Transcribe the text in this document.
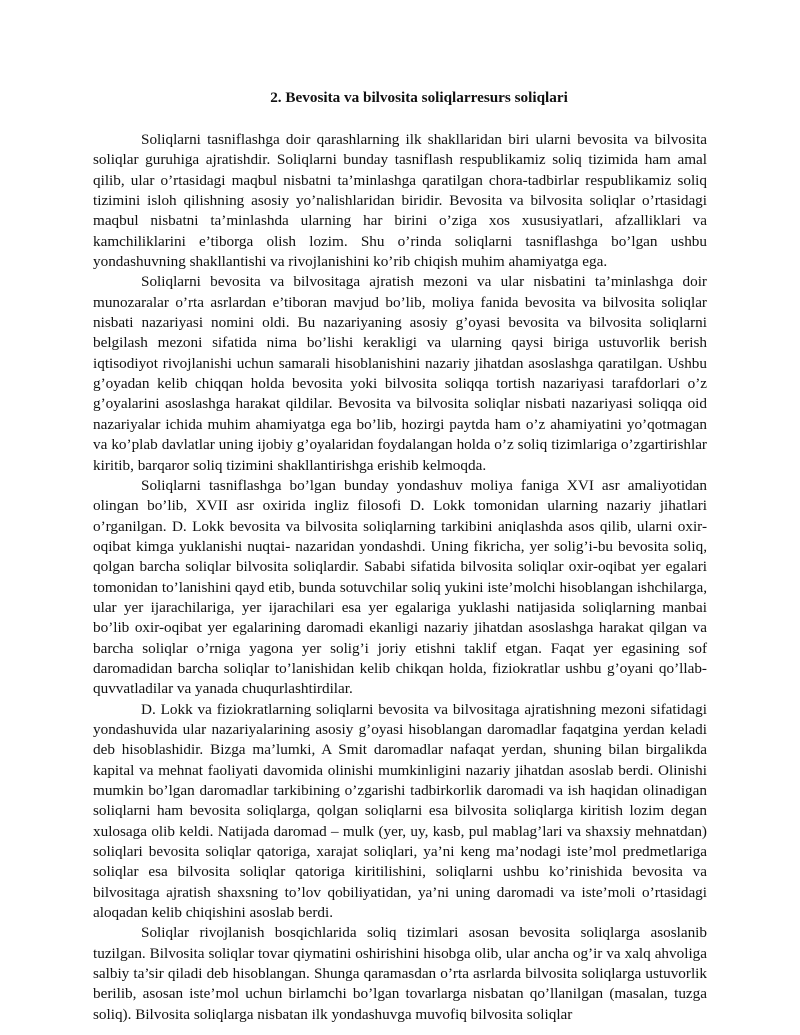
2. Bevosita va bilvosita soliqlarresurs soliqlari

Soliqlarni tasniflashga doir qarashlarning ilk shakllaridan biri ularni bevosita va bilvosita soliqlar guruhiga ajratishdir. Soliqlarni bunday tasniflash respublikamiz soliq tizimida ham amal qilib, ular o’rtasidagi maqbul nisbatni ta’minlashga qaratilgan chora-tadbirlar respublikamiz soliq tizimini isloh qilishning asosiy yo’nalishlaridan biridir. Bevosita va bilvosita soliqlar o’rtasidagi maqbul nisbatni ta’minlashda ularning har birini o’ziga xos xususiyatlari, afzalliklari va kamchiliklarini e’tiborga olish lozim. Shu o’rinda soliqlarni tasniflashga bo’lgan ushbu yondashuvning shakllantishi va rivojlanishini ko’rib chiqish muhim ahamiyatga ega.

Soliqlarni bevosita va bilvositaga ajratish mezoni va ular nisbatini ta’minlashga doir munozaralar o’rta asrlardan e’tiboran mavjud bo’lib, moliya fanida bevosita va bilvosita soliqlar nisbati nazariyasi nomini oldi. Bu nazariyaning asosiy g’oyasi bevosita va bilvosita soliqlarni belgilash mezoni sifatida nima bo’lishi kerakligi va ularning qaysi biriga ustuvorlik berish iqtisodiyot rivojlanishi uchun samarali hisoblanishini nazariy jihatdan asoslashga qaratilgan. Ushbu g’oyadan kelib chiqqan holda bevosita yoki bilvosita soliqqa tortish nazariyasi tarafdorlari o’z g’oyalarini asoslashga harakat qildilar. Bevosita va bilvosita soliqlar nisbati nazariyasi soliqqa oid nazariyalar ichida muhim ahamiyatga ega bo’lib, hozirgi paytda ham o’z ahamiyatini yo’qotmagan va ko’plab davlatlar uning ijobiy g’oyalaridan foydalangan holda o’z soliq tizimlariga o’zgartirishlar kiritib, barqaror soliq tizimini shakllantirishga erishib kelmoqda.

Soliqlarni tasniflashga bo’lgan bunday yondashuv moliya faniga XVI asr amaliyotidan olingan bo’lib, XVII asr oxirida ingliz filosofi D. Lokk tomonidan ularning nazariy jihatlari o’rganilgan. D. Lokk bevosita va bilvosita soliqlarning tarkibini aniqlashda asos qilib, ularni oxir-oqibat kimga yuklanishi nuqtai- nazaridan yondashdi. Uning fikricha, yer solig’i-bu bevosita soliq, qolgan barcha soliqlar bilvosita soliqlardir. Sababi sifatida bilvosita soliqlar oxir-oqibat yer egalari tomonidan to’lanishini qayd etib, bunda sotuvchilar soliq yukini iste’molchi hisoblangan ishchilarga, ular yer ijarachilariga, yer ijarachilari esa yer egalariga yuklashi natijasida soliqlarning manbai bo’lib oxir-oqibat yer egalarining daromadi ekanligi nazariy jihatdan asoslashga harakat qilgan va barcha soliqlar o’rniga yagona yer solig’i joriy etishni taklif etgan. Faqat yer egasining sof daromadidan barcha soliqlar to’lanishidan kelib chikqan holda, fiziokratlar ushbu g’oyani qo’llab-quvvatladilar va yanada chuqurlashtirdilar.

D. Lokk va fiziokratlarning soliqlarni bevosita va bilvositaga ajratishning mezoni sifatidagi yondashuvida ular nazariyalarining asosiy g’oyasi hisoblangan daromadlar faqatgina yerdan keladi deb hisoblashidir. Bizga ma’lumki, A Smit daromadlar nafaqat yerdan, shuning bilan birgalikda kapital va mehnat faoliyati davomida olinishi mumkinligini nazariy jihatdan asoslab berdi. Olinishi mumkin bo’lgan daromadlar tarkibining o’zgarishi tadbirkorlik daromadi va ish haqidan olinadigan soliqlarni ham bevosita soliqlarga, qolgan soliqlarni esa bilvosita soliqlarga kiritish lozim degan xulosaga olib keldi. Natijada daromad – mulk (yer, uy, kasb, pul mablag’lari va shaxsiy mehnatdan) soliqlari bevosita soliqlar qatoriga, xarajat soliqlari, ya’ni keng ma’nodagi iste’mol predmetlariga soliqlar esa bilvosita soliqlar qatoriga kiritilishini, soliqlarni ushbu ko’rinishida bevosita va bilvositaga ajratish shaxsning to’lov qobiliyatidan, ya’ni uning daromadi va iste’moli o’rtasidagi aloqadan kelib chiqishini asoslab berdi.

Soliqlar rivojlanish bosqichlarida soliq tizimlari asosan bevosita soliqlarga asoslanib tuzilgan. Bilvosita soliqlar tovar qiymatini oshirishini hisobga olib, ular ancha og’ir va xalq ahvoliga salbiy ta’sir qiladi deb hisoblangan. Shunga qaramasdan o’rta asrlarda bilvosita soliqlarga ustuvorlik berilib, asosan iste’mol uchun birlamchi bo’lgan tovarlarga nisbatan qo’llanilgan (masalan, tuzga soliq). Bilvosita soliqlarga nisbatan ilk yondashuvga muvofiq bilvosita soliqlar
